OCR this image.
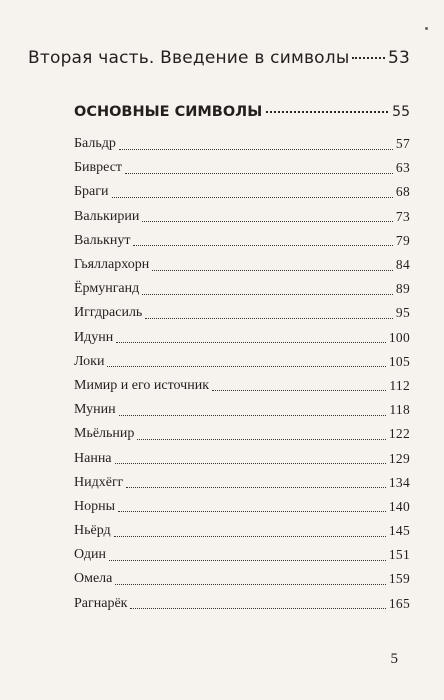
Вторая часть. Введение в символы 53
ОСНОВНЫЕ СИМВОЛЫ	55
Бальдр	57
Биврест	63
Браги	68
Валькирии	73
Валькнут	79
Гьяллархорн	84
Ёрмунганд	89
Иггдрасиль	95
Идунн	100
Локи	105
Мимир и его источник	112
Мунин	118
Мьёльнир	122
Нанна	129
Нидхёгг	134
Норны	140
Ньёрд	145
Один	151
Омела	159
Рагнарёк	165
5
